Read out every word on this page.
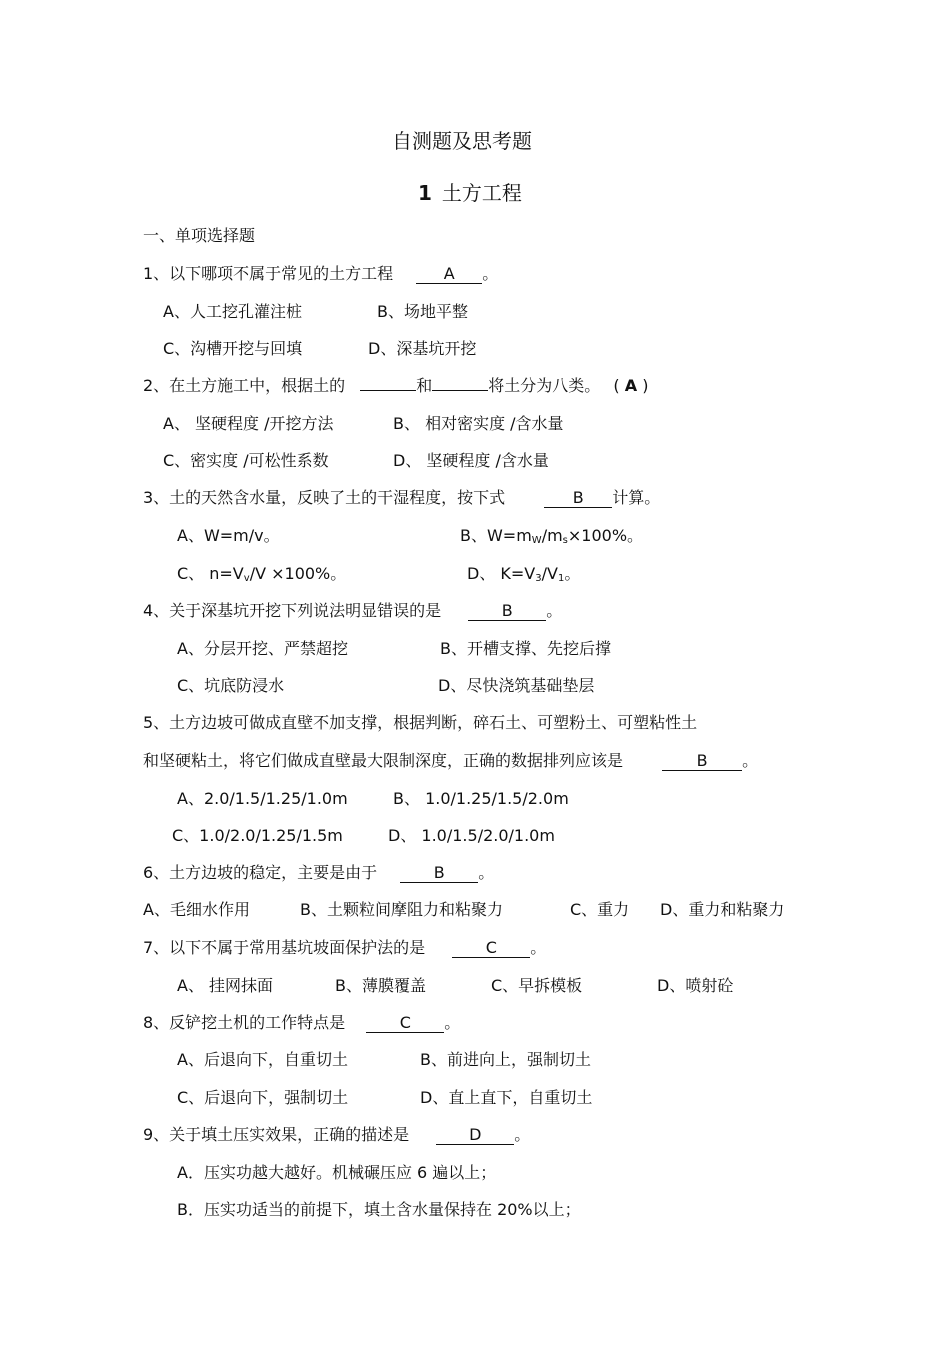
自测题及思考题
1 土方工程
一、单项选择题
1、以下哪项不属于常见的土方工程	A 。
A、人工挖孔灌注桩	B、场地平整
C、沟槽开挖与回填	D、深基坑开挖
2、在土方施工中，根据土的	和	将土分为八类。 ( A )
A、 坚硬程度 /开挖方法	B、 相对密实度 /含水量
C、密实度 /可松性系数	D、 坚硬程度 /含水量
3、土的天然含水量，反映了土的干湿程度，按下式	B 计算。
A、W=m/v。	B、$W=m_W/m_s\times 100\%$。
C、 $n=V_v/V \times 100\%$。	D、 $K=V_3/V_1$。
4、关于深基坑开挖下列说法明显错误的是	B 。
A、分层开挖、严禁超挖	B、开槽支撑、先挖后撑
C、坑底防浸水	D、尽快浇筑基础垫层
5、土方边坡可做成直壁不加支撑，根据判断，碎石土、可塑粉土、可塑粘性土
和坚硬粘土，将它们做成直壁最大限制深度，正确的数据排列应该是	B 。
A、2.0/1.5/1.25/1.0m	B、 1.0/1.25/1.5/2.0m
C、1.0/2.0/1.25/1.5m	D、 1.0/1.5/2.0/1.0m
6、土方边坡的稳定，主要是由于	B 。
A、毛细水作用	B、土颗粒间摩阻力和粘聚力	C、重力 D、重力和粘聚力
7、以下不属于常用基坑坡面保护法的是	C 。
A、 挂网抹面	B、薄膜覆盖	C、早拆模板	D、喷射砼
8、反铲挖土机的工作特点是	C 。
A、后退向下，自重切土	B、前进向上，强制切土
C、后退向下，强制切土	D、直上直下，自重切土
9、关于填土压实效果，正确的描述是	D 。
A．压实功越大越好。机械碾压应 6 遍以上；
B．压实功适当的前提下，填土含水量保持在 20%以上；
